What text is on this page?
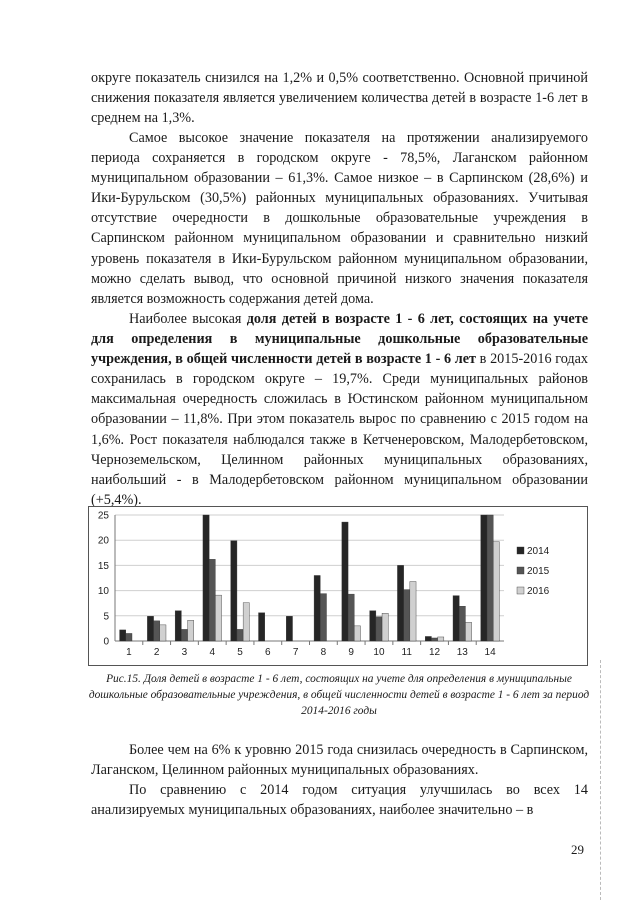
округе показатель снизился на 1,2% и 0,5% соответственно. Основной причиной снижения показателя является увеличением количества детей в возрасте 1-6 лет в среднем на 1,3%.

Самое высокое значение показателя на протяжении анализируемого периода сохраняется в городском округе - 78,5%, Лаганском районном муниципальном образовании – 61,3%. Самое низкое – в Сарпинском (28,6%) и Ики-Бурульском (30,5%) районных муниципальных образованиях. Учитывая отсутствие очередности в дошкольные образовательные учреждения в Сарпинском районном муниципальном образовании и сравнительно низкий уровень показателя в Ики-Бурульском районном муниципальном образовании, можно сделать вывод, что основной причиной низкого значения показателя является возможность содержания детей дома.

Наиболее высокая доля детей в возрасте 1 - 6 лет, состоящих на учете для определения в муниципальные дошкольные образовательные учреждения, в общей численности детей в возрасте 1 - 6 лет в 2015-2016 годах сохранилась в городском округе – 19,7%. Среди муниципальных районов максимальная очередность сложилась в Юстинском районном муниципальном образовании – 11,8%. При этом показатель вырос по сравнению с 2015 годом на 1,6%. Рост показателя наблюдался также в Кетченеровском, Малодербетовском, Черноземельском, Целинном районных муниципальных образованиях, наибольший - в Малодербетовском районном муниципальном образовании (+5,4%).

0
5
10
15
20
25
1 2 3 4 5 6 7 8 9 10 11 12 13 14
2014
2015
2016

Рис.15. Доля детей в возрасте 1 - 6 лет, состоящих на учете для определения в муниципальные дошкольные образовательные учреждения, в общей численности детей в возрасте 1 - 6 лет за период 2014-2016 годы

Более чем на 6% к уровню 2015 года снизилась очередность в Сарпинском, Лаганском, Целинном районных муниципальных образованиях.

По сравнению с 2014 годом ситуация улучшилась во всех 14 анализируемых муниципальных образованиях, наиболее значительно – в

29
